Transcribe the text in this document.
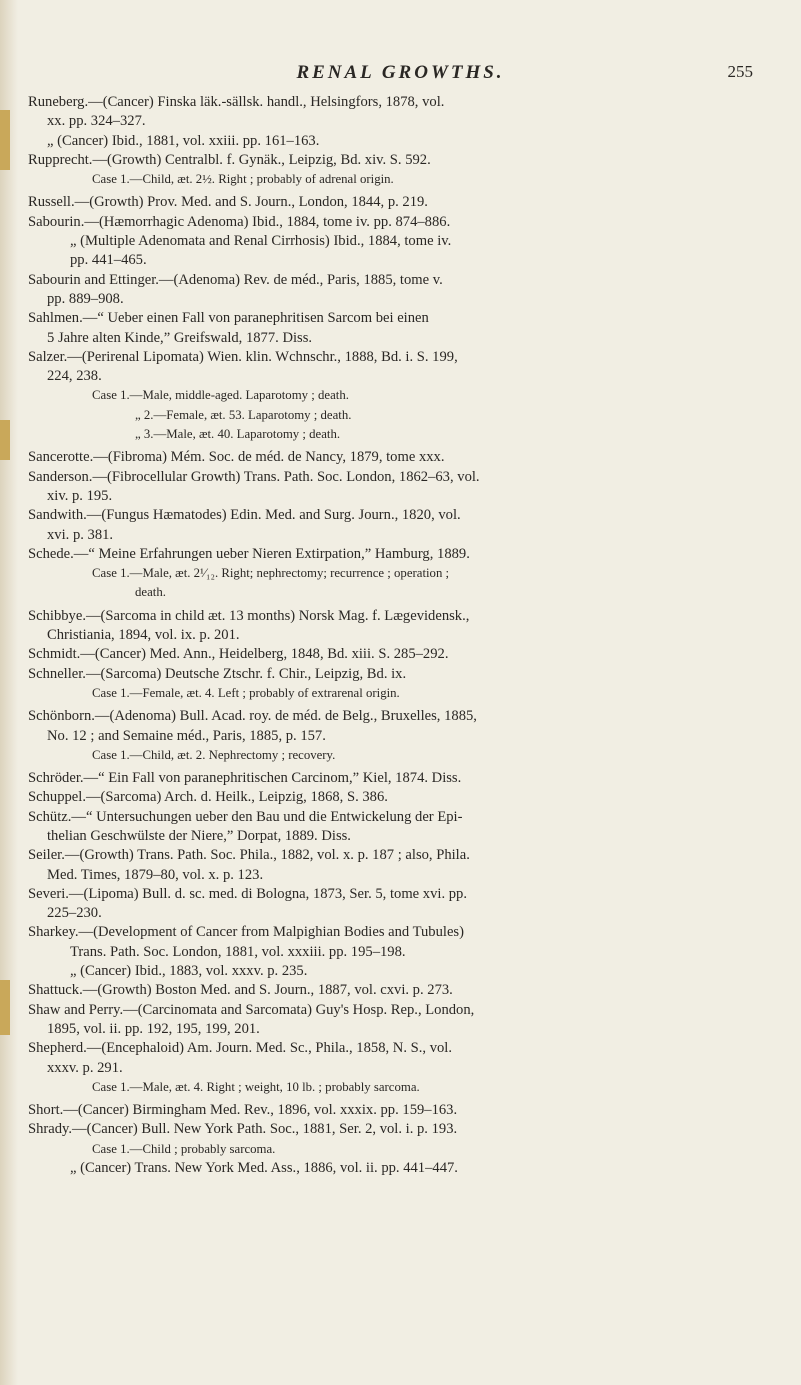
RENAL GROWTHS.	255
Runeberg.—(Cancer) Finska läk.-sällsk. handl., Helsingfors, 1878, vol.
xx. pp. 324–327.
„ (Cancer) Ibid., 1881, vol. xxiii. pp. 161–163.
Rupprecht.—(Growth) Centralbl. f. Gynäk., Leipzig, Bd. xiv. S. 592.
Case 1.—Child, æt. 2½. Right ; probably of adrenal origin.
Russell.—(Growth) Prov. Med. and S. Journ., London, 1844, p. 219.
Sabourin.—(Hæmorrhagic Adenoma) Ibid., 1884, tome iv. pp. 874–886.
„ (Multiple Adenomata and Renal Cirrhosis) Ibid., 1884, tome iv.
pp. 441–465.
Sabourin and Ettinger.—(Adenoma) Rev. de méd., Paris, 1885, tome v.
pp. 889–908.
Sahlmen.—“ Ueber einen Fall von paranephritisen Sarcom bei einen
5 Jahre alten Kinde,” Greifswald, 1877. Diss.
Salzer.—(Perirenal Lipomata) Wien. klin. Wchnschr., 1888, Bd. i. S. 199,
224, 238.
Case 1.—Male, middle-aged. Laparotomy ; death.
„ 2.—Female, æt. 53. Laparotomy ; death.
„ 3.—Male, æt. 40. Laparotomy ; death.
Sancerotte.—(Fibroma) Mém. Soc. de méd. de Nancy, 1879, tome xxx.
Sanderson.—(Fibrocellular Growth) Trans. Path. Soc. London, 1862–63, vol.
xiv. p. 195.
Sandwith.—(Fungus Hæmatodes) Edin. Med. and Surg. Journ., 1820, vol.
xvi. p. 381.
Schede.—“ Meine Erfahrungen ueber Nieren Extirpation,” Hamburg, 1889.
Case 1.—Male, æt. 2¹⁄₁₂. Right; nephrectomy; recurrence ; operation ;
death.
Schibbye.—(Sarcoma in child æt. 13 months) Norsk Mag. f. Lægevidensk.,
Christiania, 1894, vol. ix. p. 201.
Schmidt.—(Cancer) Med. Ann., Heidelberg, 1848, Bd. xiii. S. 285–292.
Schneller.—(Sarcoma) Deutsche Ztschr. f. Chir., Leipzig, Bd. ix.
Case 1.—Female, æt. 4. Left ; probably of extrarenal origin.
Schönborn.—(Adenoma) Bull. Acad. roy. de méd. de Belg., Bruxelles, 1885,
No. 12 ; and Semaine méd., Paris, 1885, p. 157.
Case 1.—Child, æt. 2. Nephrectomy ; recovery.
Schröder.—“ Ein Fall von paranephritischen Carcinom,” Kiel, 1874. Diss.
Schuppel.—(Sarcoma) Arch. d. Heilk., Leipzig, 1868, S. 386.
Schütz.—“ Untersuchungen ueber den Bau und die Entwickelung der Epi-
thelian Geschwülste der Niere,” Dorpat, 1889. Diss.
Seiler.—(Growth) Trans. Path. Soc. Phila., 1882, vol. x. p. 187 ; also, Phila.
Med. Times, 1879–80, vol. x. p. 123.
Severi.—(Lipoma) Bull. d. sc. med. di Bologna, 1873, Ser. 5, tome xvi. pp.
225–230.
Sharkey.—(Development of Cancer from Malpighian Bodies and Tubules)
Trans. Path. Soc. London, 1881, vol. xxxiii. pp. 195–198.
„ (Cancer) Ibid., 1883, vol. xxxv. p. 235.
Shattuck.—(Growth) Boston Med. and S. Journ., 1887, vol. cxvi. p. 273.
Shaw and Perry.—(Carcinomata and Sarcomata) Guy's Hosp. Rep., London,
1895, vol. ii. pp. 192, 195, 199, 201.
Shepherd.—(Encephaloid) Am. Journ. Med. Sc., Phila., 1858, N. S., vol.
xxxv. p. 291.
Case 1.—Male, æt. 4. Right ; weight, 10 lb. ; probably sarcoma.
Short.—(Cancer) Birmingham Med. Rev., 1896, vol. xxxix. pp. 159–163.
Shrady.—(Cancer) Bull. New York Path. Soc., 1881, Ser. 2, vol. i. p. 193.
Case 1.—Child ; probably sarcoma.
„ (Cancer) Trans. New York Med. Ass., 1886, vol. ii. pp. 441–447.
